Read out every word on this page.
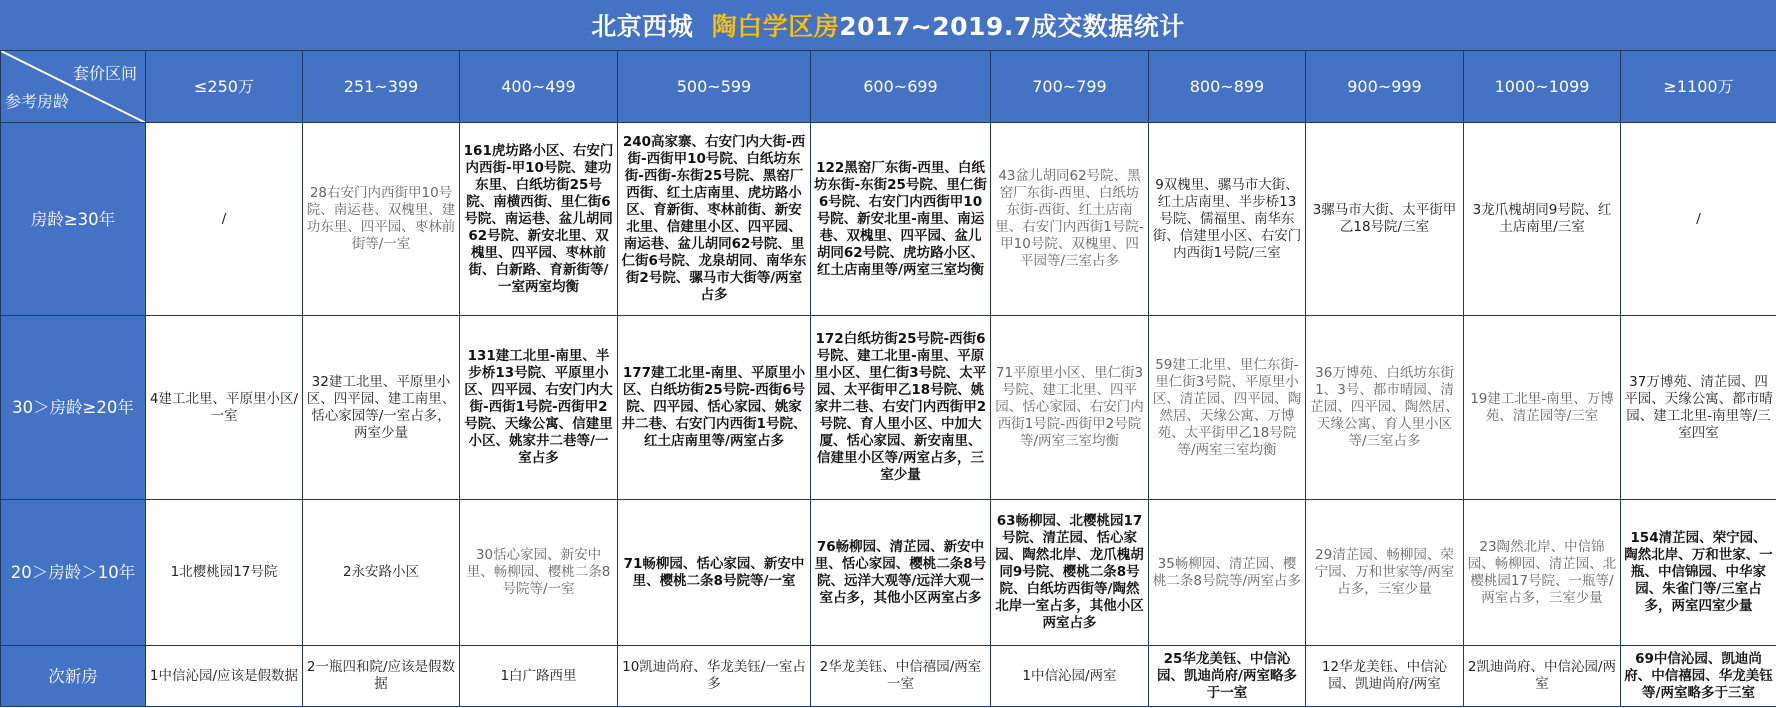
北京西城
陶白学区房 2017~2019.7成交数据统计
套价区间
参考房龄	≤250万	251~399	400~499	500~599	600~699	700~799	800~899	900~999	1000~1099	≥1100万
房龄≥30年	/	28右安门内西街甲10号院、南运巷、双槐里、建功东里、四平园、枣林前街等/一室	161虎坊路小区、右安门内西街-甲10号院、建功东里、白纸坊街25号院、南横西街、里仁街6号院、南运巷、盆儿胡同62号院、新安北里、双槐里、四平园、枣林前街、白新路、育新街等/一室两室均衡	240高家寨、右安门内大街-西街-西街甲10号院、白纸坊东街-西街-东街25号院、黑窑厂西街、红土店南里、虎坊路小区、育新街、枣林前街、新安北里、信建里小区、四平园、南运巷、盆儿胡同62号院、里仁街6号院、龙泉胡同、南华东街2号院、骡马市大街等/两室占多	122黑窑厂东街-西里、白纸坊东街-东街25号院、里仁街6号院、右安门内西街甲10号院、新安北里-南里、南运巷、双槐里、四平园、盆儿胡同62号院、虎坊路小区、红土店南里等/两室三室均衡	43盆儿胡同62号院、黑窑厂东街-西里、白纸坊东街-西街、红土店南里、右安门内西街1号院-甲10号院、双槐里、四平园等/三室占多	9双槐里、骡马市大街、红土店南里、半步桥13号院、儒福里、南华东街、信建里小区、右安门内西街1号院/三室	3骡马市大街、太平街甲乙18号院/三室	3龙爪槐胡同9号院、红土店南里/三室	/
30＞房龄≥20年	4建工北里、平原里小区/一室	32建工北里、平原里小区、四平园、建工南里、恬心家园等/一室占多，两室少量	131建工北里-南里、半步桥13号院、平原里小区、四平园、右安门内大街-西街1号院-西街甲2号院、天缘公寓、信建里小区、姚家井二巷等/一室占多	177建工北里-南里、平原里小区、白纸坊街25号院-西街6号院、四平园、恬心家园、姚家井二巷、右安门内西街1号院、红土店南里等/两室占多	172白纸坊街25号院-西街6号院、建工北里-南里、平原里小区、里仁街3号院、太平园、太平街甲乙18号院、姚家井二巷、右安门内西街甲2号院、育人里小区、中加大厦、恬心家园、新安南里、信建里小区等/两室占多，三室少量	71平原里小区、里仁街3号院、建工北里、四平园、恬心家园、右安门内西街1号院-西街甲2号院等/两室三室均衡	59建工北里、里仁东街-里仁街3号院、平原里小区、清芷园、四平园、陶然居、天缘公寓、万博苑、太平街甲乙18号院等/两室三室均衡	36万博苑、白纸坊东街1、3号、都市晴园、清芷园、四平园、陶然居、天缘公寓、育人里小区等/三室占多	19建工北里-南里、万博苑、清芷园等/三室	37万博苑、清芷园、四平园、天缘公寓、都市晴园、建工北里-南里等/三室四室
20＞房龄＞10年	1北樱桃园17号院	2永安路小区	30恬心家园、新安中里、畅柳园、樱桃二条8号院等/一室	71畅柳园、恬心家园、新安中里、樱桃二条8号院等/一室	76畅柳园、清芷园、新安中里、恬心家园、樱桃二条8号院、远洋大观等/远洋大观一室占多，其他小区两室占多	63畅柳园、北樱桃园17号院、清芷园、恬心家园、陶然北岸、龙爪槐胡同9号院、樱桃二条8号院、白纸坊西街等/陶然北岸一室占多，其他小区两室占多	35畅柳园、清芷园、樱桃二条8号院等/两室占多	29清芷园、畅柳园、荣宁园、万和世家等/两室占多，三室少量	23陶然北岸、中信锦园、畅柳园、清芷园、北樱桃园17号院、一瓶等/两室占多，三室少量	154清芷园、荣宁园、陶然北岸、万和世家、一瓶、中信锦园、中华家园、朱雀门等/三室占多，两室四室少量
次新房	1中信沁园/应该是假数据	2一瓶四和院/应该是假数据	1白广路西里	10凯迪尚府、华龙美钰/一室占多	2华龙美钰、中信禧园/两室一室	1中信沁园/两室	25华龙美钰、中信沁园、凯迪尚府/两室略多于一室	12华龙美钰、中信沁园、凯迪尚府/两室	2凯迪尚府、中信沁园/两室	69中信沁园、凯迪尚府、中信禧园、华龙美钰等/两室略多于三室
